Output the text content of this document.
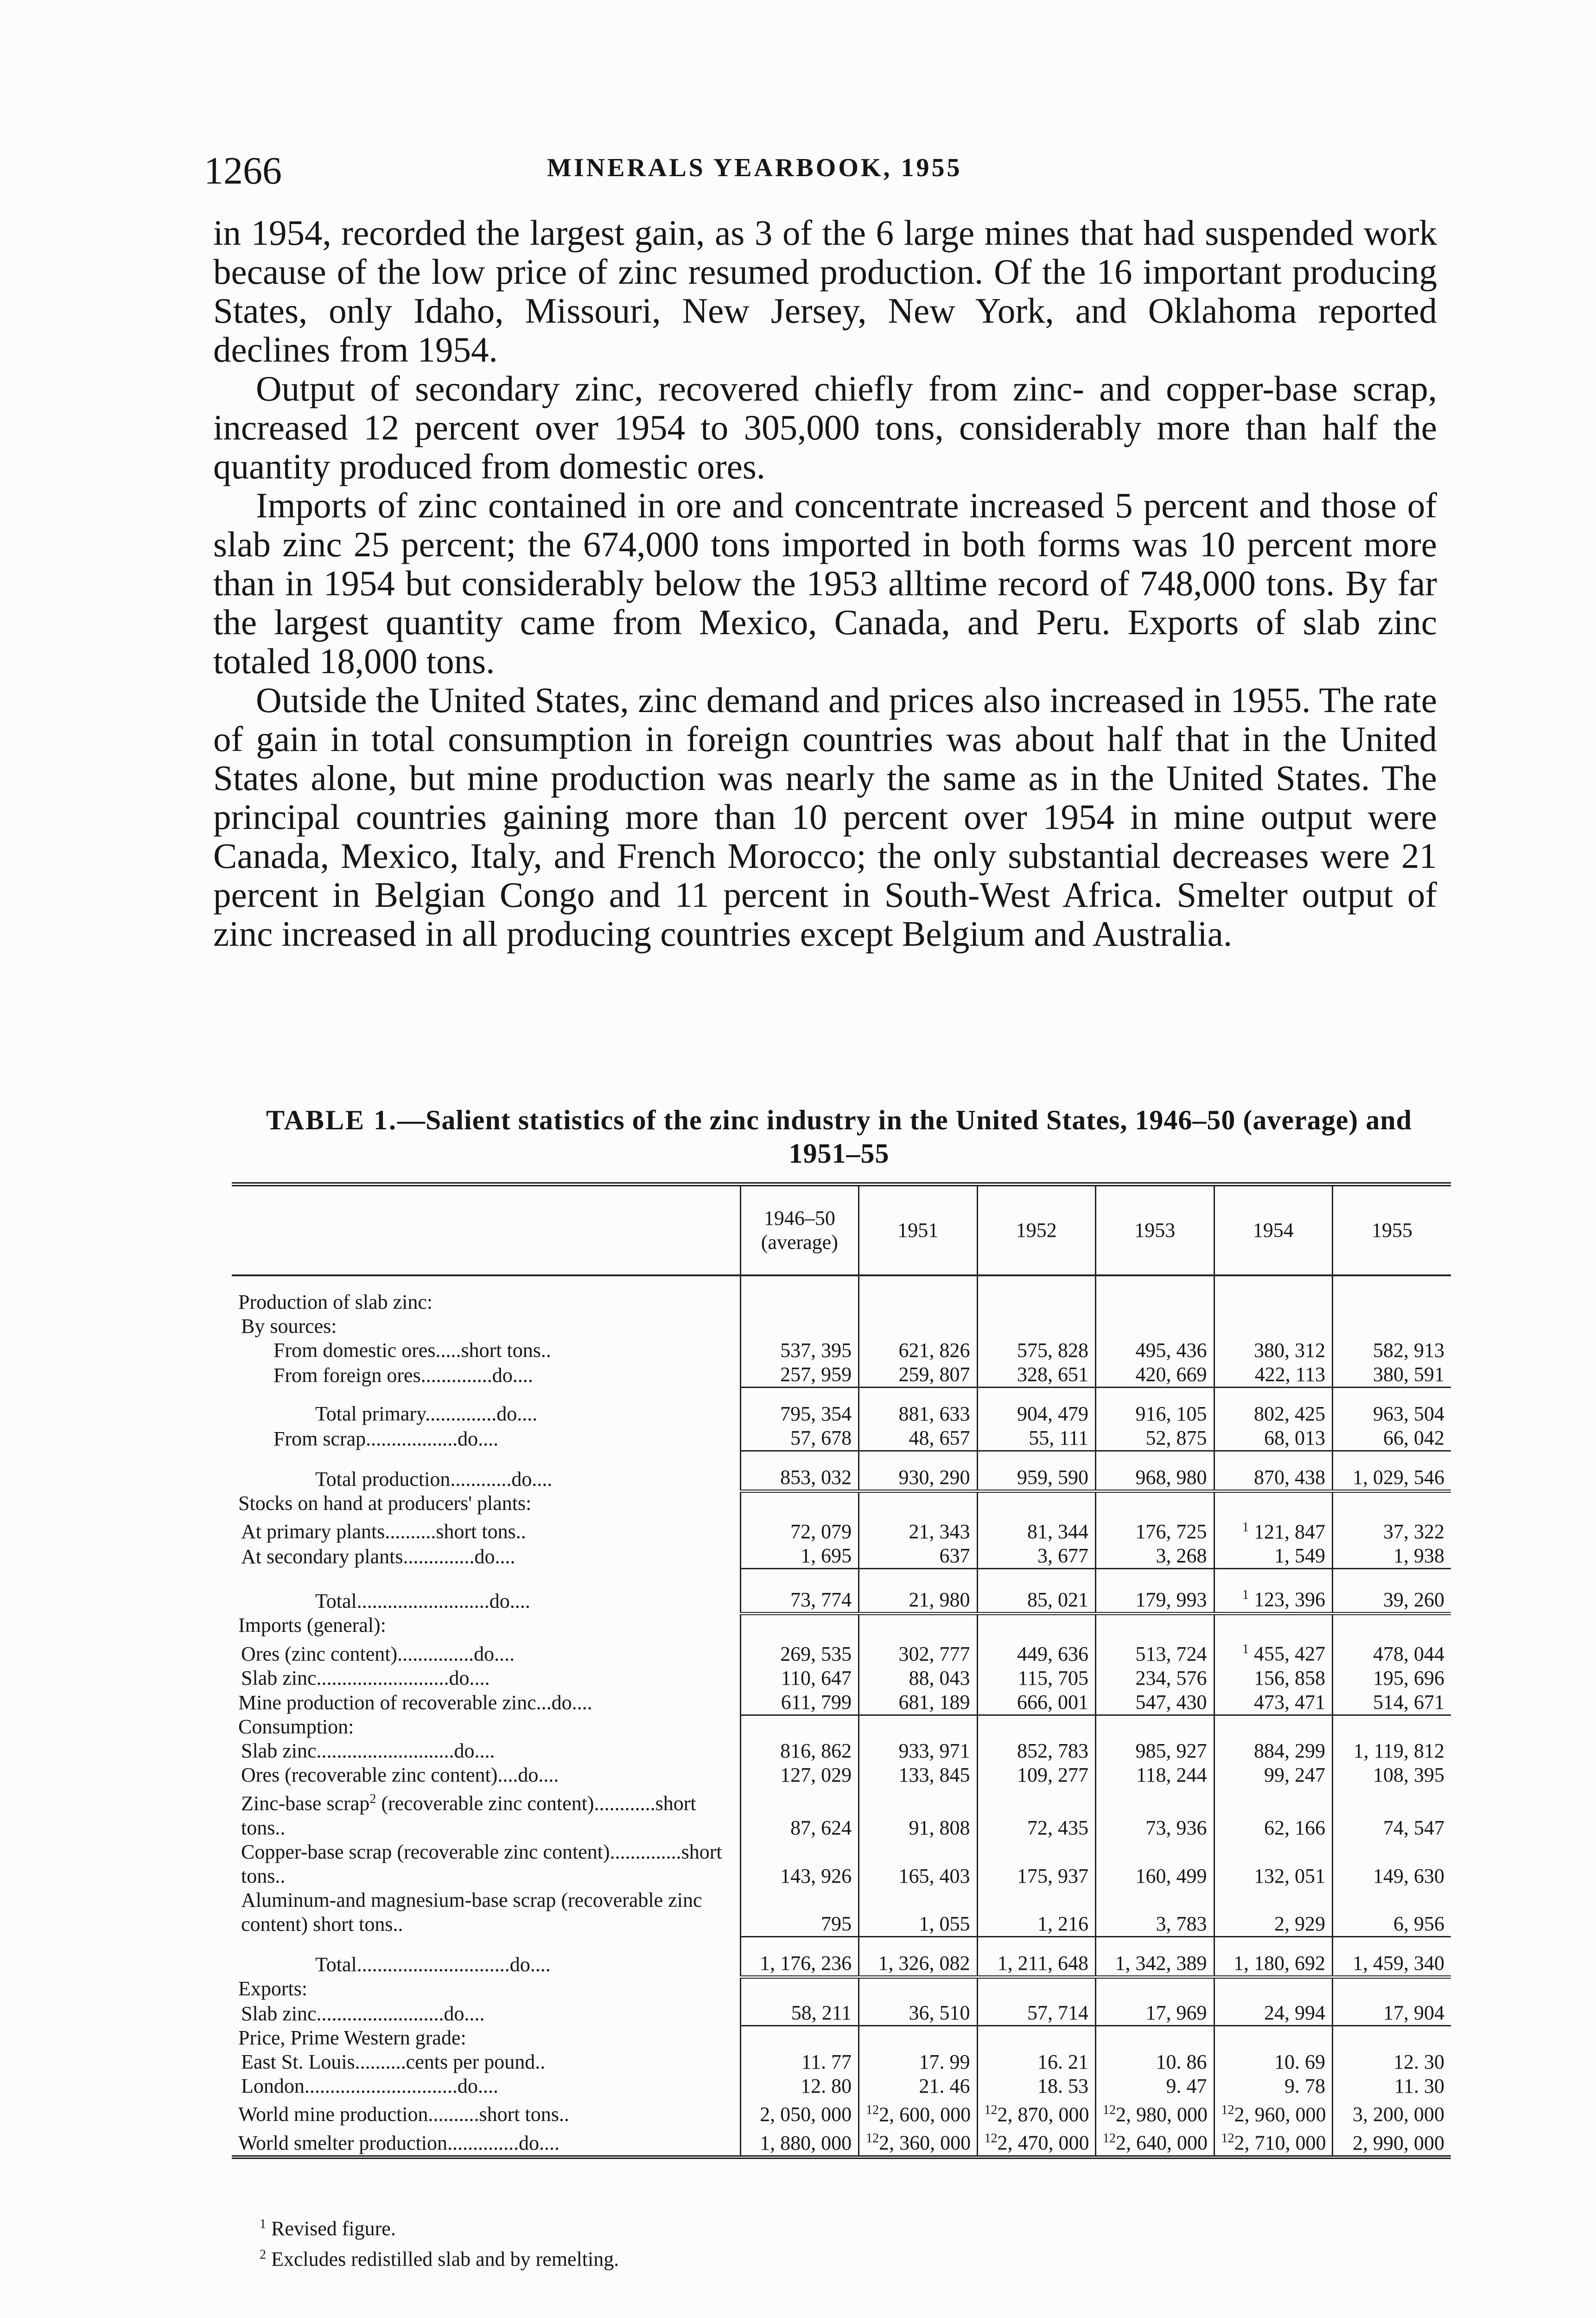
1266	MINERALS YEARBOOK, 1955

in 1954, recorded the largest gain, as 3 of the 6 large mines that had suspended work because of the low price of zinc resumed production. Of the 16 important producing States, only Idaho, Missouri, New Jersey, New York, and Oklahoma reported declines from 1954.

Output of secondary zinc, recovered chiefly from zinc- and copper-base scrap, increased 12 percent over 1954 to 305,000 tons, considerably more than half the quantity produced from domestic ores.

Imports of zinc contained in ore and concentrate increased 5 percent and those of slab zinc 25 percent; the 674,000 tons imported in both forms was 10 percent more than in 1954 but considerably below the 1953 alltime record of 748,000 tons. By far the largest quantity came from Mexico, Canada, and Peru. Exports of slab zinc totaled 18,000 tons.

Outside the United States, zinc demand and prices also increased in 1955. The rate of gain in total consumption in foreign countries was about half that in the United States alone, but mine production was nearly the same as in the United States. The principal countries gaining more than 10 percent over 1954 in mine output were Canada, Mexico, Italy, and French Morocco; the only substantial decreases were 21 percent in Belgian Congo and 11 percent in South-West Africa. Smelter output of zinc increased in all producing countries except Belgium and Australia.

TABLE 1.—Salient statistics of the zinc industry in the United States, 1946–50 (average) and 1951–55
	1946–50 (average)	1951	1952	1953	1954	1955

Production of slab zinc:						
By sources:						
From domestic ores.....short tons..	537, 395	621, 826	575, 828	495, 436	380, 312	582, 913
From foreign ores..............do....	257, 959	259, 807	328, 651	420, 669	422, 113	380, 591

Total primary..............do....	795, 354	881, 633	904, 479	916, 105	802, 425	963, 504
From scrap..................do....	57, 678	48, 657	55, 111	52, 875	68, 013	66, 042

Total production............do....	853, 032	930, 290	959, 590	968, 980	870, 438	1, 029, 546
Stocks on hand at producers' plants:						
At primary plants..........short tons..	72, 079	21, 343	81, 344	176, 725	$^1$ 121, 847	37, 322
At secondary plants..............do....	1, 695	637	3, 677	3, 268	1, 549	1, 938

Total..........................do....	73, 774	21, 980	85, 021	179, 993	$^1$ 123, 396	39, 260
Imports (general):						
Ores (zinc content)...............do....	269, 535	302, 777	449, 636	513, 724	$^1$ 455, 427	478, 044
Slab zinc..........................do....	110, 647	88, 043	115, 705	234, 576	156, 858	195, 696
Mine production of recoverable zinc...do....	611, 799	681, 189	666, 001	547, 430	473, 471	514, 671
Consumption:						
Slab zinc...........................do....	816, 862	933, 971	852, 783	985, 927	884, 299	1, 119, 812
Ores (recoverable zinc content)....do....	127, 029	133, 845	109, 277	118, 244	99, 247	108, 395
Zinc-base scrap$^2$ (recoverable zinc content)............short tons..	87, 624	91, 808	72, 435	73, 936	62, 166	74, 547
Copper-base scrap (recoverable zinc content)..............short tons..	143, 926	165, 403	175, 937	160, 499	132, 051	149, 630
Aluminum-and magnesium-base scrap (recoverable zinc content) short tons..	795	1, 055	1, 216	3, 783	2, 929	6, 956

Total..............................do....	1, 176, 236	1, 326, 082	1, 211, 648	1, 342, 389	1, 180, 692	1, 459, 340
Exports:						
Slab zinc.........................do....	58, 211	36, 510	57, 714	17, 969	24, 994	17, 904
Price, Prime Western grade:						
East St. Louis..........cents per pound..	11. 77	17. 99	16. 21	10. 86	10. 69	12. 30
London..............................do....	12. 80	21. 46	18. 53	9. 47	9. 78	11. 30
World mine production..........short tons..	2, 050, 000	$^{12}$2, 600, 000	$^{12}$2, 870, 000	$^{12}$2, 980, 000	$^{12}$2, 960, 000	3, 200, 000
World smelter production..............do....	1, 880, 000	$^{12}$2, 360, 000	$^{12}$2, 470, 000	$^{12}$2, 640, 000	$^{12}$2, 710, 000	2, 990, 000

$^1$ Revised figure.

$^2$ Excludes redistilled slab and by remelting.
